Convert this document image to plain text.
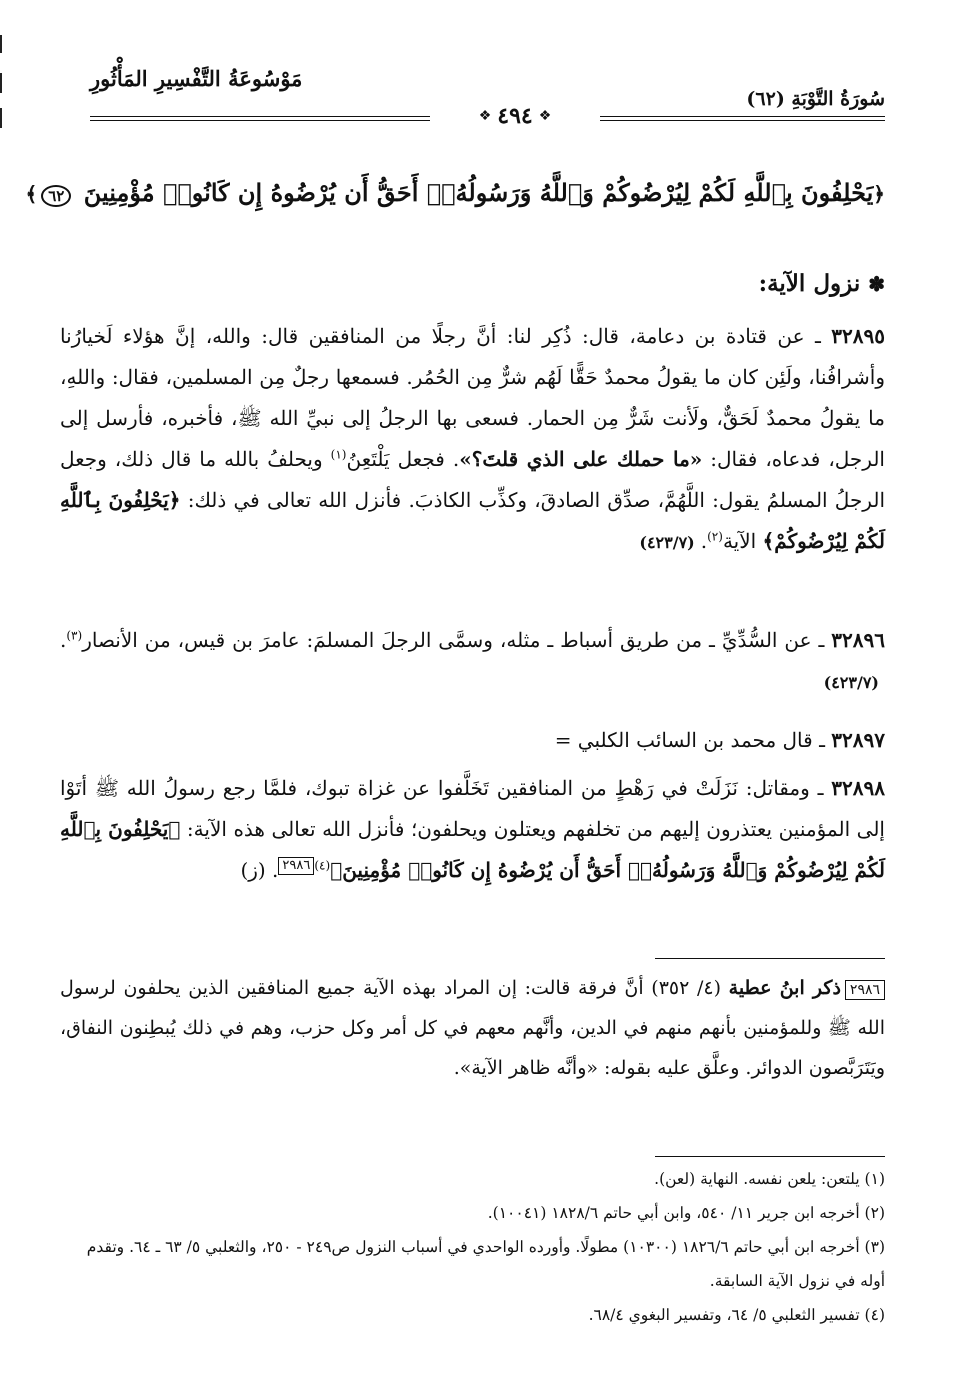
مَوْسُوعَةُ التَّفْسِيرِ المَأْثُورِ
سُورَةُ التَّوْبَةِ (٦٢)
❖ ٤٩٤ ❖
﴿يَحْلِفُونَ بِٱللَّهِ لَكُمْ لِيُرْضُوكُمْ وَٱللَّهُ وَرَسُولُهُۥٓ أَحَقُّ أَن يُرْضُوهُ إِن كَانُوا۟ مُؤْمِنِينَ ٦٢﴾
✽
نزول الآية:
٣٢٨٩٥ ـ عن قتادة بن دعامة، قال: ذُكِر لنا: أنَّ رجلًا من المنافقين قال: والله، إنَّ هؤلاء لَخيارُنا وأشرافُنا، ولَئِن كان ما يقولُ محمدٌ حَقًّا لَهُم شرٌّ مِن الحُمُر. فسمعها رجلٌ مِن المسلمين، فقال: واللهِ، ما يقولُ محمدٌ لَحَقٌّ، ولَأنت شَرٌّ مِن الحمار. فسعى بها الرجلُ إلى نبيِّ الله ﷺ، فأخبره، فأرسل إلى الرجل، فدعاه، فقال: «ما حملك على الذي قلتَ؟». فجعل يَلْتَعِنُ$^{(١)}$ ويحلفُ بالله ما قال ذلك، وجعل الرجلُ المسلمُ يقول: اللَّهُمَّ، صدِّق الصادقَ، وكذِّب الكاذبَ. فأنزل الله تعالى في ذلك: ﴿يَحْلِفُونَ بِٱللَّهِ لَكُمْ لِيُرْضُوكُمْ﴾ الآية$^{(٢)}$.(٤٢٣/٧)
٣٢٨٩٦ ـ عن السُّدِّيِّ ـ من طريق أسباط ـ مثله، وسمَّى الرجلَ المسلمَ: عامرَ بن قيس، من الأنصار$^{(٣)}$.(٤٢٣/٧)
٣٢٨٩٧ ـ قال محمد بن السائب الكلبي =
٣٢٨٩٨ ـ ومقاتل: نَزَلَتْ في رَهْطٍ من المنافقين تَخَلَّفوا عن غزاة تبوك، فلمَّا رجع رسولُ الله ﷺ أتَوْا إلى المؤمنين يعتذرون إليهم من تخلفهم ويعتلون ويحلفون؛ فأنزل الله تعالى هذه الآية: ﴿يَحْلِفُونَ بِٱللَّهِ لَكُمْ لِيُرْضُوكُمْ وَٱللَّهُ وَرَسُولُهُۥٓ أَحَقُّ أَن يُرْضُوهُ إِن كَانُوا۟ مُؤْمِنِينَ﴾$^{(٤)}$٢٩٨٦. (ز)
٢٩٨٦ذكر ابنُ عطية (٤/ ٣٥٢) أنَّ فرقة قالت: إن المراد بهذه الآية جميع المنافقين الذين يحلفون لرسول الله ﷺ وللمؤمنين بأنهم منهم في الدين، وأنَّهم معهم في كل أمر وكل حزب، وهم في ذلك يُبطِنون النفاق، ويَتَرَبَّصون الدوائر. وعلَّق عليه بقوله: «وأنَّه ظاهر الآية».
(١) يلتعن: يلعن نفسه. النهاية (لعن).
(٢) أخرجه ابن جرير ١١/ ٥٤٠، وابن أبي حاتم ١٨٢٨/٦ (١٠٠٤١).
(٣) أخرجه ابن أبي حاتم ١٨٢٦/٦ (١٠٣٠٠) مطولًا. وأورده الواحدي في أسباب النزول ص٢٤٩ - ٢٥٠، والثعلبي ٥/ ٦٣ ـ ٦٤. وتقدم أوله في نزول الآية السابقة.
(٤) تفسير الثعلبي ٥/ ٦٤، وتفسير البغوي ٦٨/٤.
